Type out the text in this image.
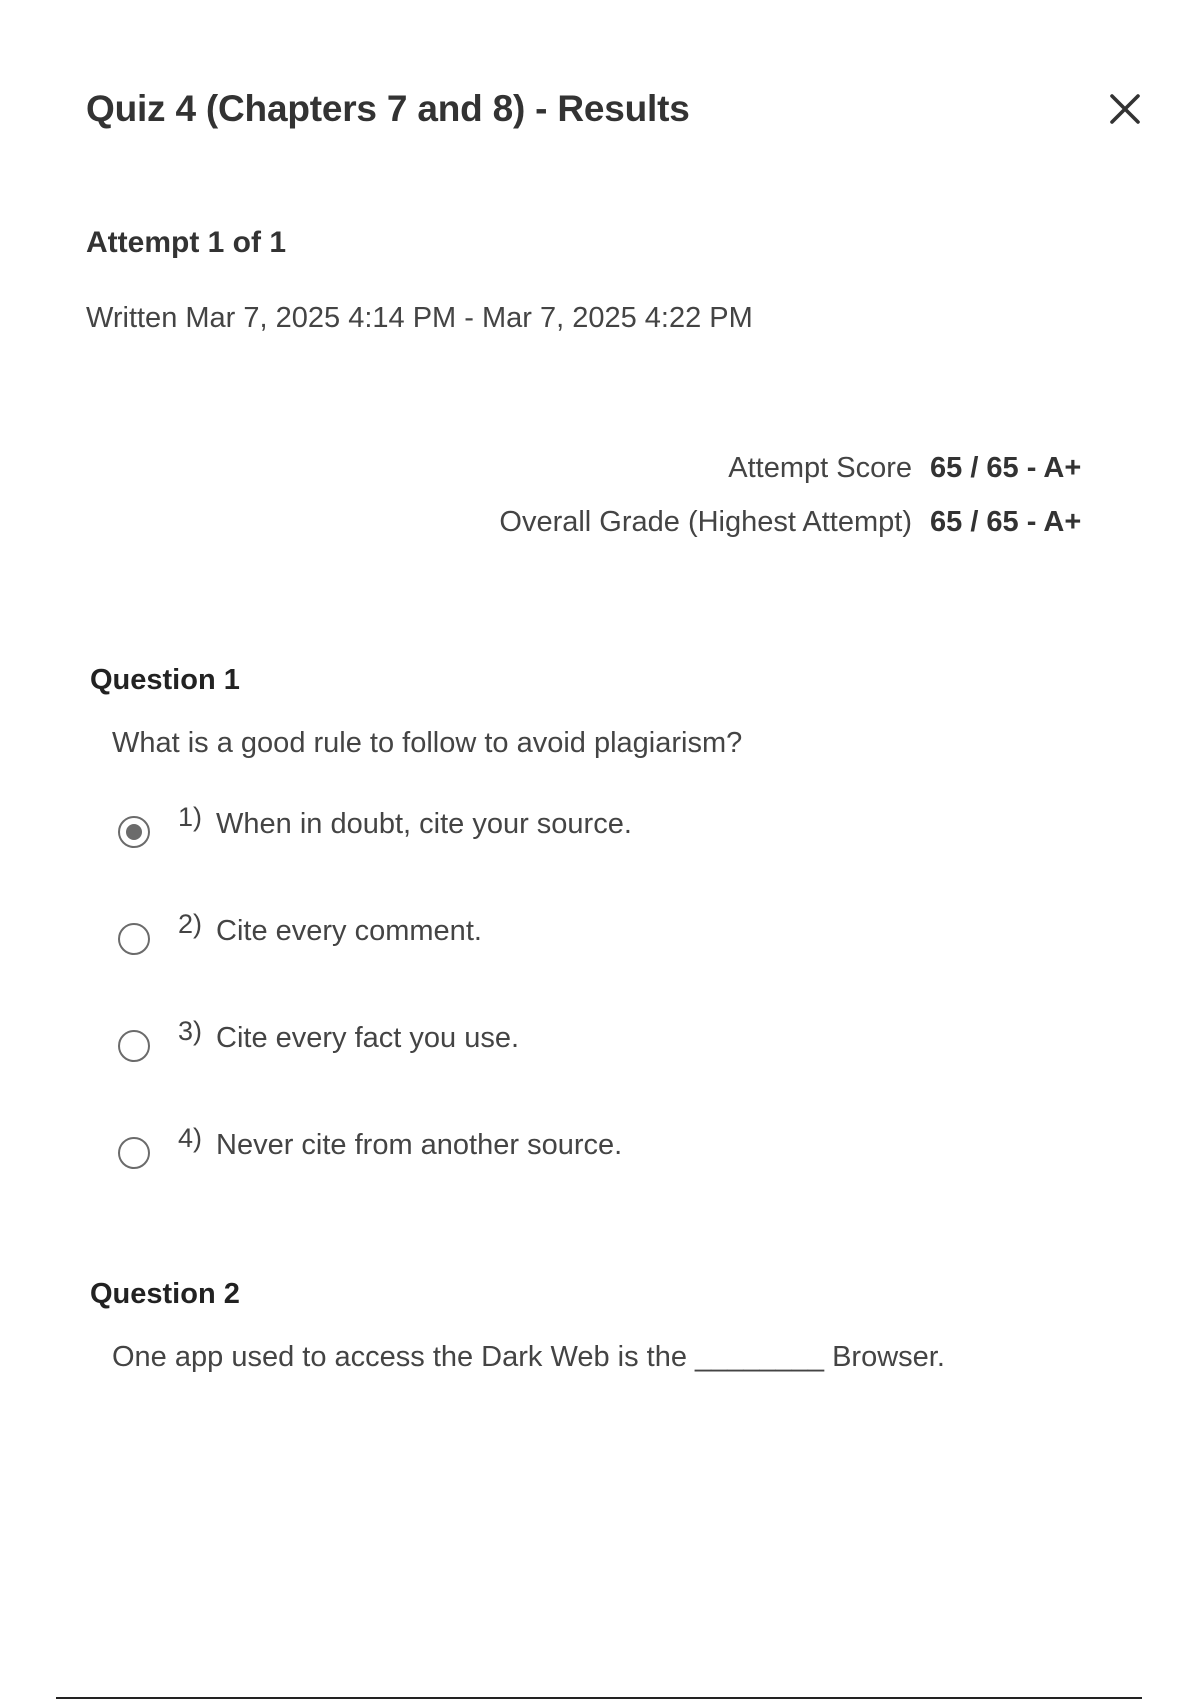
Quiz 4 (Chapters 7 and 8) - Results
Attempt 1 of 1
Written Mar 7, 2025 4:14 PM - Mar 7, 2025 4:22 PM
Attempt Score 65 / 65 - A+
Overall Grade (Highest Attempt) 65 / 65 - A+
Question 1
What is a good rule to follow to avoid plagiarism?
1) When in doubt, cite your source.
2) Cite every comment.
3) Cite every fact you use.
4) Never cite from another source.
Question 2
One app used to access the Dark Web is the ________ Browser.
